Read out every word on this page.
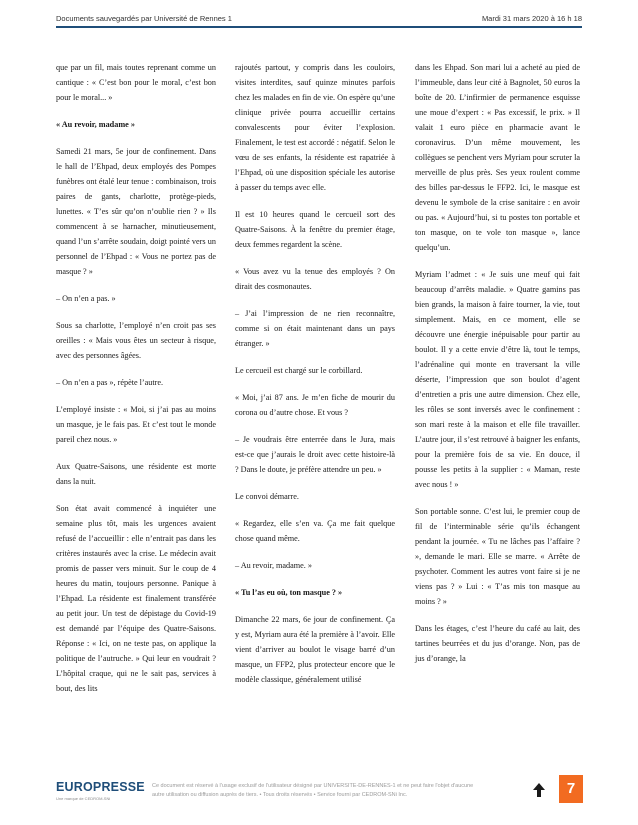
Documents sauvegardés par Université de Rennes 1	Mardi 31 mars 2020 à 16 h 18

que par un fil, mais toutes reprenant comme un cantique : « C’est bon pour le moral, c’est bon pour le moral... »

« Au revoir, madame »

Samedi 21 mars, 5e jour de confinement. Dans le hall de l’Ehpad, deux employés des Pompes funèbres ont étalé leur tenue : combinaison, trois paires de gants, charlotte, protège-pieds, lunettes. « T’es sûr qu’on n’oublie rien ? » Ils commencent à se harnacher, minutieusement, quand l’un s’arrête soudain, doigt pointé vers un personnel de l’Ehpad : « Vous ne portez pas de masque ? »

– On n’en a pas. »

Sous sa charlotte, l’employé n’en croit pas ses oreilles : « Mais vous êtes un secteur à risque, avec des personnes âgées.

– On n’en a pas », répète l’autre.

L’employé insiste : « Moi, si j’ai pas au moins un masque, je le fais pas. Et c’est tout le monde pareil chez nous. »

Aux Quatre-Saisons, une résidente est morte dans la nuit.

Son état avait commencé à inquiéter une semaine plus tôt, mais les urgences avaient refusé de l’accueillir : elle n’entrait pas dans les critères instaurés avec la crise. Le médecin avait promis de passer vers minuit. Sur le coup de 4 heures du matin, toujours personne. Panique à l’Ehpad. La résidente est finalement transférée au petit jour. Un test de dépistage du Covid-19 est demandé par l’équipe des Quatre-Saisons. Réponse : « Ici, on ne teste pas, on applique la politique de l’autruche. » Qui leur en voudrait ? L’hôpital craque, qui ne le sait pas, services à bout, des lits

rajoutés partout, y compris dans les couloirs, visites interdites, sauf quinze minutes parfois chez les malades en fin de vie. On espère qu’une clinique privée pourra accueillir certains convalescents pour éviter l’explosion. Finalement, le test est accordé : négatif. Selon le vœu de ses enfants, la résidente est rapatriée à l’Ehpad, où une disposition spéciale les autorise à passer du temps avec elle.

Il est 10 heures quand le cercueil sort des Quatre-Saisons. À la fenêtre du premier étage, deux femmes regardent la scène.

« Vous avez vu la tenue des employés ? On dirait des cosmonautes.

– J’ai l’impression de ne rien reconnaître, comme si on était maintenant dans un pays étranger. »

Le cercueil est chargé sur le corbillard.

« Moi, j’ai 87 ans. Je m’en fiche de mourir du corona ou d’autre chose. Et vous ?

– Je voudrais être enterrée dans le Jura, mais est-ce que j’aurais le droit avec cette histoire-là ? Dans le doute, je préfère attendre un peu. »

Le convoi démarre.

« Regardez, elle s’en va. Ça me fait quelque chose quand même.

– Au revoir, madame. »

« Tu l’as eu où, ton masque ? »

Dimanche 22 mars, 6e jour de confinement. Ça y est, Myriam aura été la première à l’avoir. Elle vient d’arriver au boulot le visage barré d’un masque, un FFP2, plus protecteur encore que le modèle classique, généralement utilisé

dans les Ehpad. Son mari lui a acheté au pied de l’immeuble, dans leur cité à Bagnolet, 50 euros la boîte de 20. L’infirmier de permanence esquisse une moue d’expert : « Pas excessif, le prix. » Il valait 1 euro pièce en pharmacie avant le coronavirus. D’un même mouvement, les collègues se penchent vers Myriam pour scruter la merveille de plus près. Ses yeux roulent comme des billes par-dessus le FFP2. Ici, le masque est devenu le symbole de la crise sanitaire : en avoir ou pas. « Aujourd’hui, si tu postes ton portable et ton masque, on te vole ton masque », lance quelqu’un.

Myriam l’admet : « Je suis une meuf qui fait beaucoup d’arrêts maladie. » Quatre gamins pas bien grands, la maison à faire tourner, la vie, tout simplement. Mais, en ce moment, elle se découvre une énergie inépuisable pour partir au boulot. Il y a cette envie d’être là, tout le temps, l’adrénaline qui monte en traversant la ville déserte, l’impression que son boulot d’agent d’entretien a pris une autre dimension. Chez elle, les rôles se sont inversés avec le confinement : son mari reste à la maison et elle file travailler. L’autre jour, il s’est retrouvé à baigner les enfants, pour la première fois de sa vie. En douce, il pousse les petits à la supplier : « Maman, reste avec nous ! »

Son portable sonne. C’est lui, le premier coup de fil de l’interminable série qu’ils échangent pendant la journée. « Tu ne lâches pas l’affaire ? », demande le mari. Elle se marre. « Arrête de psychoter. Comment les autres vont faire si je ne viens pas ? » Lui : « T’as mis ton masque au moins ? »

Dans les étages, c’est l’heure du café au lait, des tartines beurrées et du jus d’orange. Non, pas de jus d’orange, la

EUROPRESSE
Une marque de CEDROM-SNi
Ce document est réservé à l'usage exclusif de l'utilisateur désigné par UNIVERSITE-DE-RENNES-1 et ne peut faire l'objet d'aucune autre utilisation ou diffusion auprès de tiers. • Tous droits réservés • Service fourni par CEDROM-SNi Inc.	7
